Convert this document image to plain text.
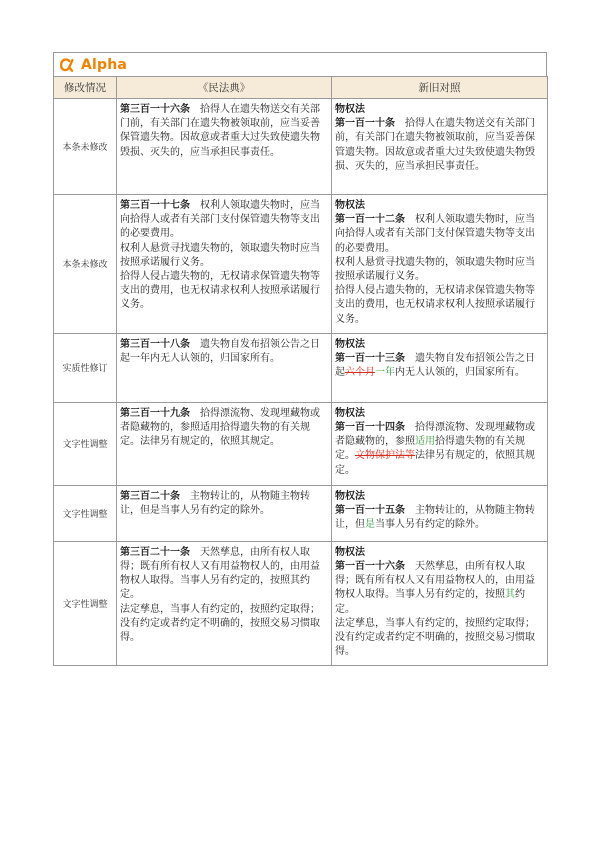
Alpha
修改情况	《民法典》	新旧对照
本条未修改	第三百一十六条　拾得人在遗失物送交有关部门前，有关部门在遗失物被领取前，应当妥善保管遗失物。因故意或者重大过失致使遗失物毁损、灭失的，应当承担民事责任。	物权法
第一百一十条　拾得人在遗失物送交有关部门前，有关部门在遗失物被领取前，应当妥善保管遗失物。因故意或者重大过失致使遗失物毁损、灭失的，应当承担民事责任。
本条未修改	第三百一十七条　权利人领取遗失物时，应当向拾得人或者有关部门支付保管遗失物等支出的必要费用。
权利人悬赏寻找遗失物的，领取遗失物时应当按照承诺履行义务。
拾得人侵占遗失物的，无权请求保管遗失物等支出的费用，也无权请求权利人按照承诺履行义务。	物权法
第一百一十二条　权利人领取遗失物时，应当向拾得人或者有关部门支付保管遗失物等支出的必要费用。
权利人悬赏寻找遗失物的，领取遗失物时应当按照承诺履行义务。
拾得人侵占遗失物的，无权请求保管遗失物等支出的费用，也无权请求权利人按照承诺履行义务。

实质性修订	第三百一十八条　遗失物自发布招领公告之日起一年内无人认领的，归国家所有。	物权法
第一百一十三条　遗失物自发布招领公告之日起六个月一年内无人认领的，归国家所有。
文字性调整	第三百一十九条　拾得漂流物、发现埋藏物或者隐藏物的，参照适用拾得遗失物的有关规定。法律另有规定的，依照其规定。	物权法
第一百一十四条　拾得漂流物、发现埋藏物或者隐藏物的，参照适用拾得遗失物的有关规定。文物保护法等法律另有规定的，依照其规定。
文字性调整	第三百二十条　主物转让的，从物随主物转让，但是当事人另有约定的除外。	物权法
第一百一十五条　主物转让的，从物随主物转让，但是当事人另有约定的除外。
文字性调整	第三百二十一条　天然孳息，由所有权人取得；既有所有权人又有用益物权人的，由用益物权人取得。当事人另有约定的，按照其约定。
法定孳息，当事人有约定的，按照约定取得；没有约定或者约定不明确的，按照交易习惯取得。	物权法
第一百一十六条　天然孳息，由所有权人取得；既有所有权人又有用益物权人的，由用益物权人取得。当事人另有约定的，按照其约定。
法定孳息，当事人有约定的，按照约定取得；没有约定或者约定不明确的，按照交易习惯取得。
